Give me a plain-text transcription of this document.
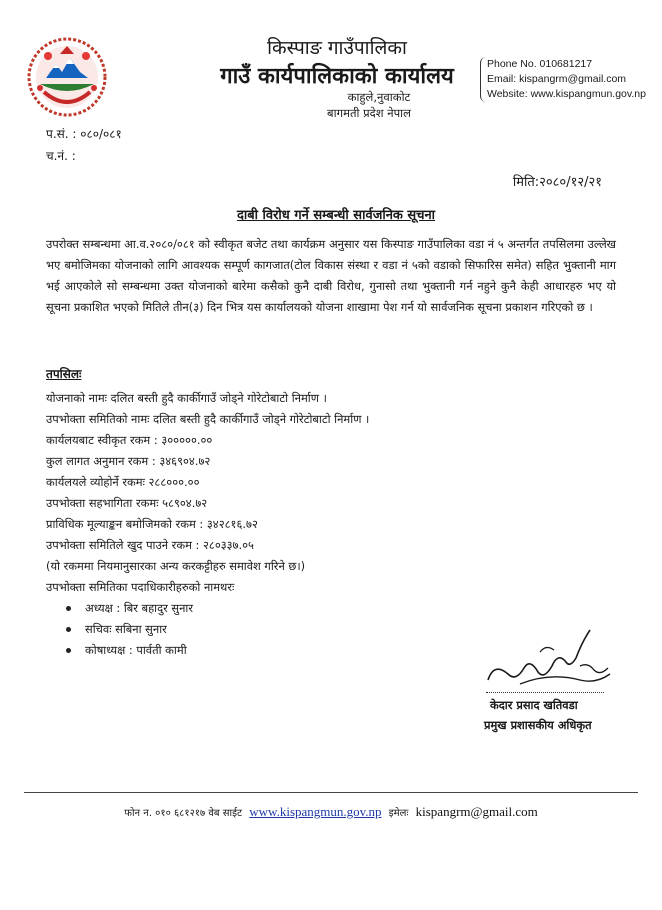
किस्पाङ गाउँपालिका
गाउँ कार्यपालिकाको कार्यालय
काहुले,नुवाकोट
बागमती प्रदेश नेपाल
Phone No. 010681217
Email: kispangrm@gmail.com
Website: www.kispangmun.gov.np
प.सं. : ०८०/०८१
च.नं. :
मिति:२०८०/१२/२१
दाबी विरोध गर्ने सम्बन्धी सार्वजनिक सूचना
उपरोक्त सम्बन्धमा आ.व.२०८०/०८१ को स्वीकृत बजेट तथा कार्यक्रम अनुसार यस किस्पाङ गाउँपालिका वडा नं ५ अन्तर्गत तपसिलमा उल्लेख भए बमोजिमका योजनाको लागि आवश्यक सम्पूर्ण कागजात(टोल विकास संस्था र वडा नं ५को वडाको सिफारिस समेत) सहित भुक्तानी माग भई आएकोले सो सम्बन्धमा उक्त योजनाको बारेमा कसैको कुनै दाबी विरोध, गुनासो तथा भुक्तानी गर्न नहुने कुनै केही आधारहरु भए यो सूचना प्रकाशित भएको मितिले तीन(३) दिन भित्र यस कार्यालयको योजना शाखामा पेश गर्न यो सार्वजनिक सूचना प्रकाशन गरिएको छ ।
तपसिलः
योजनाको नामः दलित बस्ती हुदै कार्कीगाउँ जोड्ने गोरेटोबाटो निर्माण ।
उपभोक्ता समितिको नामः दलित बस्ती हुदै कार्कीगाउँ जोड्ने गोरेटोबाटो निर्माण ।
कार्यलयबाट स्वीकृत रकम : ३०००००.००
कुल लागत अनुमान रकम : ३४६९०४.७२
कार्यलयले व्योहोर्ने रकमः २८८०००.००
उपभोक्ता सहभागिता रकमः ५८९०४.७२
प्राविधिक मूल्याङ्कन बमोजिमको रकम : ३४२८१६.७२
उपभोक्ता समितिले खुद पाउने रकम : २८०३३७.०५
(यो रकममा नियमानुसारका अन्य करकट्टीहरु समावेश गरिने छ।)
उपभोक्ता समितिका पदाधिकारीहरुको नामथरः
अध्यक्ष : बिर बहादुर सुनार
सचिवः सबिना सुनार
कोषाध्यक्ष : पार्वती कामी
केदार प्रसाद खतिवडा
प्रमुख प्रशासकीय अधिकृत
फोन न. ०१० ६८१२१७ वेब साईट www.kispangmun.gov.np इमेलः kispangrm@gmail.com
